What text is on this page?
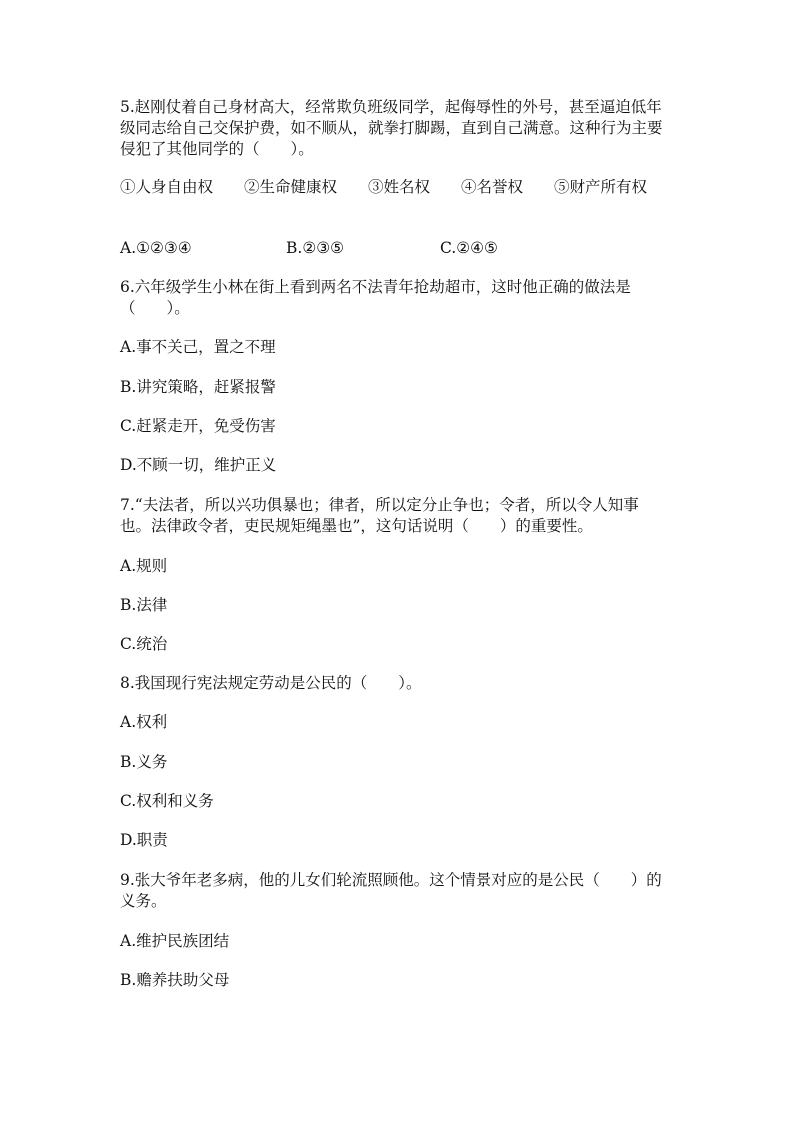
5.赵刚仗着自己身材高大，经常欺负班级同学，起侮辱性的外号，甚至逼迫低年级同志给自己交保护费，如不顺从，就拳打脚踢，直到自己满意。这种行为主要侵犯了其他同学的（　　）。
①人身自由权　　②生命健康权　　③姓名权　　④名誉权　　⑤财产所有权
A.①②③④	B.②③⑤	C.②④⑤
6.六年级学生小林在街上看到两名不法青年抢劫超市，这时他正确的做法是（　　）。
A.事不关己，置之不理
B.讲究策略，赶紧报警
C.赶紧走开，免受伤害
D.不顾一切，维护正义
7.“夫法者，所以兴功俱暴也；律者，所以定分止争也；令者，所以令人知事也。法律政令者，吏民规矩绳墨也”，这句话说明（　　）的重要性。
A.规则
B.法律
C.统治
8.我国现行宪法规定劳动是公民的（　　）。
A.权利
B.义务
C.权利和义务
D.职责
9.张大爷年老多病，他的儿女们轮流照顾他。这个情景对应的是公民（　　）的义务。
A.维护民族团结
B.赡养扶助父母
